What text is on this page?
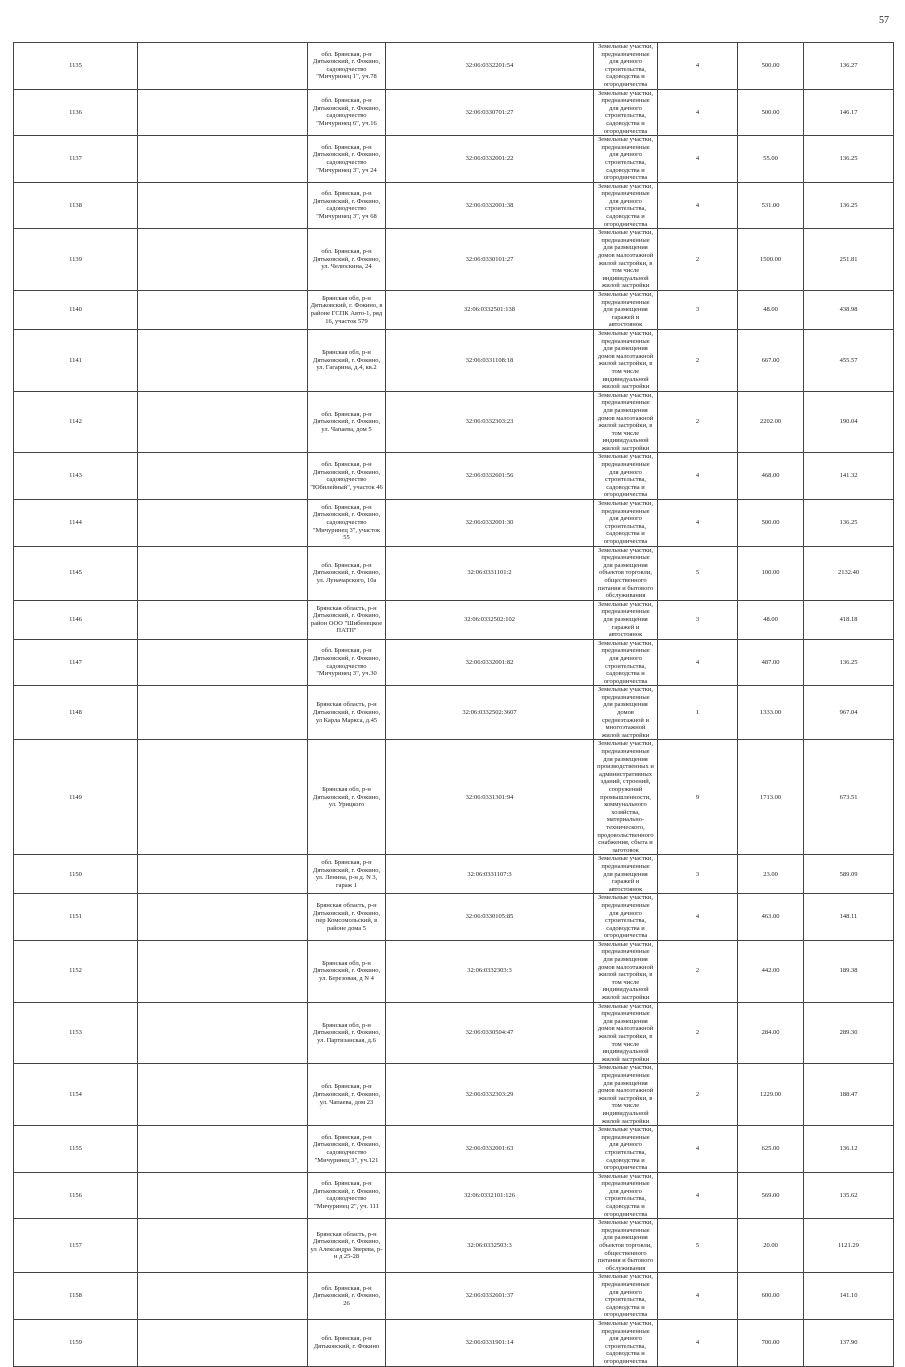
57
1135		обл. Брянская, р-н Дятьковский, г. Фокино, садоводчество "Мичуринец 1", уч.78	32:06:0332201:54	Земельные участки, предназначенные для дачного строительства, садоводства и огородничества	4	500.00	136.27	
1136		обл. Брянская, р-н Дятьковский, г. Фокино, садоводчество "Мичуринец 6", уч.16	32:06:0330701:27	Земельные участки, предназначенные для дачного строительства, садоводства и огородничества	4	500.00	146.17	
1137		обл. Брянская, р-н Дятьковский, г. Фокино, садоводчество "Мичуринец 3", уч 24	32:06:0332001:22	Земельные участки, предназначенные для дачного строительства, садоводства и огородничества	4	55.00	136.25	
1138		обл. Брянская, р-н Дятьковский, г. Фокино, садоводчество "Мичуринец 3", уч 68	32:06:0332001:38	Земельные участки, предназначенные для дачного строительства, садоводства и огородничества	4	531.00	136.25	
1139		обл. Брянская, р-н Дятьковский, г. Фокино, ул. Челюскина, 24	32:06:0330101:27	Земельные участки, предназначенные для размещения домов малоэтажной жилой застройки, в том числе индивидуальной жилой застройки	2	1500.00	251.81	
1140		Брянская обл, р-н Дятьковский, г. Фокино, в районе ГСПК Авто-1, ряд 16, участок 579	32:06:0332501:138	Земельные участки, предназначенные для размещения гаражей и автостоянок	3	48.00	438.98	
1141		Брянская обл, р-н Дятьковский, г. Фокино, ул. Гагарина, д.4, кв.2	32:06:0331108:18	Земельные участки, предназначенные для размещения домов малоэтажной жилой застройки, в том числе индивидуальной жилой застройки	2	667.00	455.57	
1142		обл. Брянская, р-н Дятьковский, г. Фокино, ул. Чапаева, дом 5	32:06:0332303:23	Земельные участки, предназначенные для размещения домов малоэтажной жилой застройки, в том числе индивидуальной жилой застройки	2	2202.00	190.04	
1143		обл. Брянская, р-н Дятьковский, г. Фокино, садоводчество "Юбилейный", участок 46	32:06:0332601:56	Земельные участки, предназначенные для дачного строительства, садоводства и огородничества	4	468.00	141.32	
1144		обл. Брянская, р-н Дятьковский, г. Фокино, садоводчество "Мичуринец 3", участок 55	32:06:0332001:30	Земельные участки, предназначенные для дачного строительства, садоводства и огородничества	4	500.00	136.25	
1145		обл. Брянская, р-н Дятьковский, г. Фокино, ул. Луначарского, 10а	32:06:0331101:2	Земельные участки, предназначенные для размещения объектов торговли, общественного питания и бытового обслуживания	5	100.00	2132.40	
1146		Брянская область, р-н Дятьковский, г. Фокино, район ООО "Шибенецкое ПАТП"	32:06:0332502:102	Земельные участки, предназначенные для размещения гаражей и автостоянок	3	48.00	418.18	
1147		обл. Брянская, р-н Дятьковский, г. Фокино, садоводчество "Мичуринец 3", уч.30	32:06:0332001:82	Земельные участки, предназначенные для дачного строительства, садоводства и огородничества	4	487.00	136.25	
1148		Брянская область, р-н Дятьковский, г. Фокино, ул Карла Маркса, д.45	32:06:0332502:3607	Земельные участки, предназначенные для размещения домов среднеэтажной и многоэтажной жилой застройки	1	1333.00	967.04	
1149		Брянская обл, р-н Дятьковский, г. Фокино, ул. Урицкого	32:06:0331301:94	Земельные участки, предназначенные для размещения производственных и административных зданий, строений, сооружений промышленности, коммунального хозяйства, материально-технического, продовольственного снабжения, сбыта и заготовок	9	1713.00	673.51	
1150		обл. Брянская, р-н Дятьковский, г. Фокино, ул. Ленина, р-н д. N 3, гараж 1	32:06:0331107:3	Земельные участки, предназначенные для размещения гаражей и автостоянок	3	23.00	589.09	
1151		Брянская область, р-н Дятьковский, г. Фокино, пер Комсомольский, в районе дома 5	32:06:0330105:85	Земельные участки, предназначенные для дачного строительства, садоводства и огородничества	4	463.00	148.11	
1152		Брянская обл, р-н Дятьковский, г. Фокино, ул. Березовая, д N 4	32:06:0332303:3	Земельные участки, предназначенные для размещения домов малоэтажной жилой застройки, в том числе индивидуальной жилой застройки	2	442.00	189.38	
1153		Брянская обл, р-н Дятьковский, г. Фокино, ул. Партизанская, д.6	32:06:0330504:47	Земельные участки, предназначенные для размещения домов малоэтажной жилой застройки, в том числе индивидуальной жилой застройки	2	284.00	289.30	
1154		обл. Брянская, р-н Дятьковский, г. Фокино, ул. Чапаева, дом 23	32:06:0332303:29	Земельные участки, предназначенные для размещения домов малоэтажной жилой застройки, в том числе индивидуальной жилой застройки	2	1229.00	188.47	
1155		обл. Брянская, р-н Дятьковский, г. Фокино, садоводчество "Мичуринец 3", уч.121	32:06:0332001:63	Земельные участки, предназначенные для дачного строительства, садоводства и огородничества	4	625.00	136.12	
1156		обл. Брянская, р-н Дятьковский, г. Фокино, садоводчество "Мичуринец 2", уч. 111	32:06:0332101:126	Земельные участки, предназначенные для дачного строительства, садоводства и огородничества	4	569.00	135.62	
1157		Брянская область, р-н Дятьковский, г. Фокино, ул Александра Зверева, р-н д 25-28	32:06:0332503:3	Земельные участки, предназначенные для размещения объектов торговли, общественного питания и бытового обслуживания	5	20.00	1121.29	
1158		обл. Брянская, р-н Дятьковский, г. Фокино, 26	32:06:0332601:37	Земельные участки, предназначенные для дачного строительства, садоводства и огородничества	4	600.00	141.10	
1159		обл. Брянская, р-н Дятьковский, г. Фокино	32:06:0331901:14	Земельные участки, предназначенные для дачного строительства, садоводства и огородничества	4	700.00	137.90	
